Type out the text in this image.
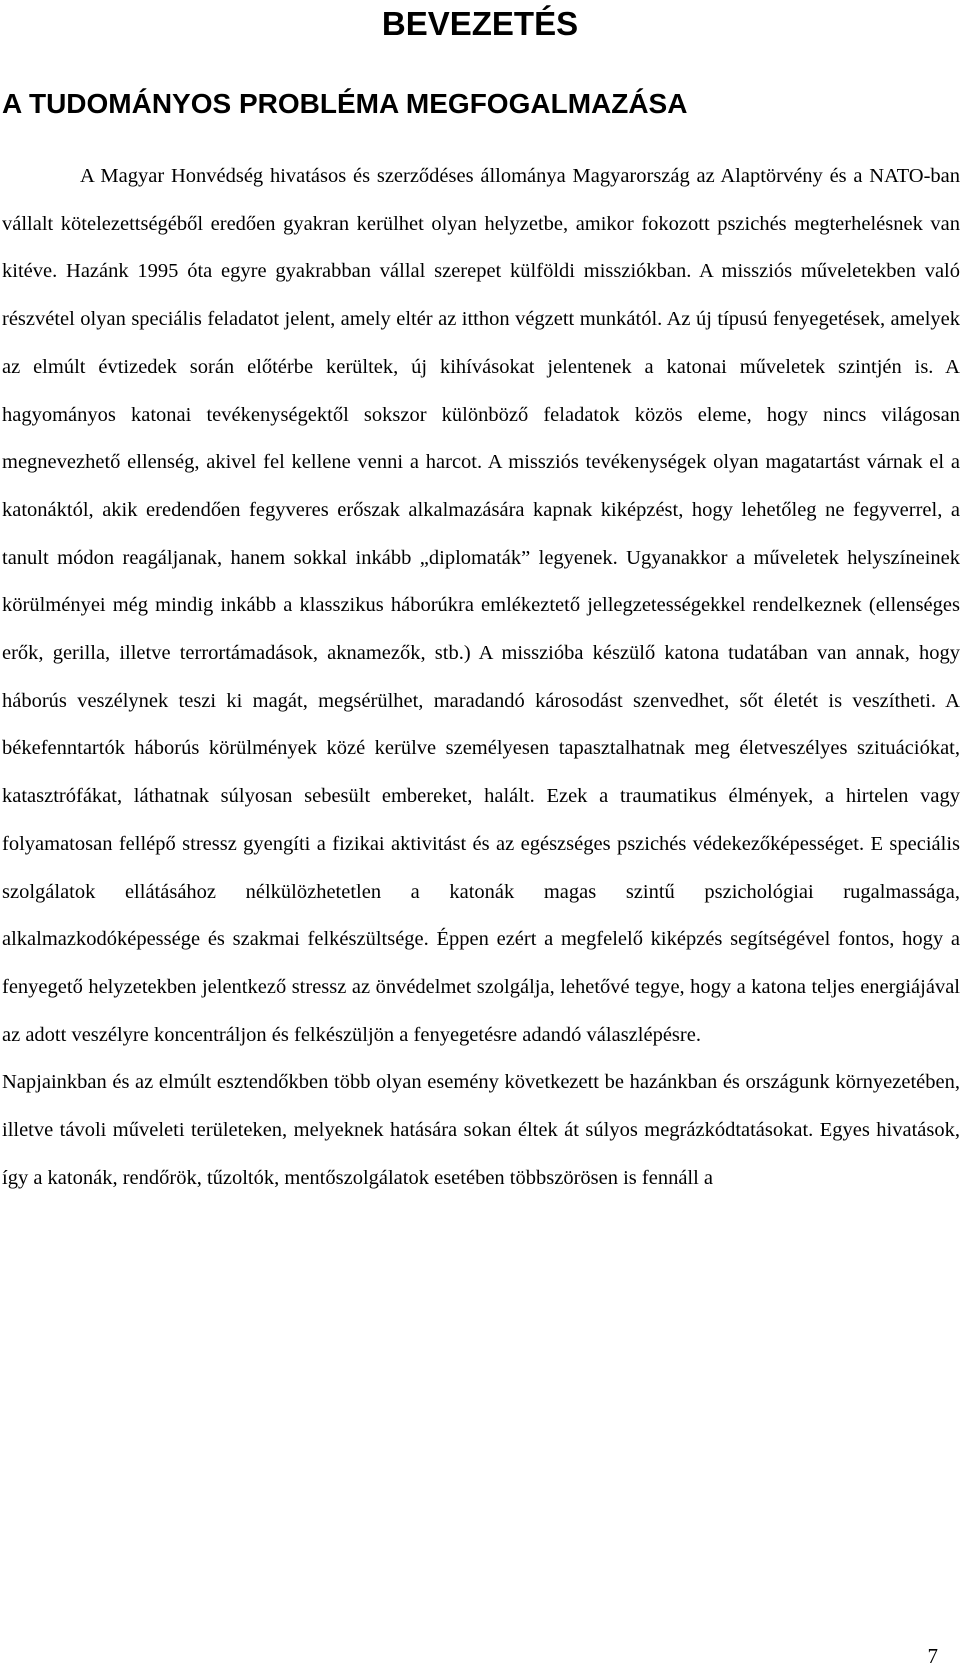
BEVEZETÉS
A TUDOMÁNYOS PROBLÉMA MEGFOGALMAZÁSA

A Magyar Honvédség hivatásos és szerződéses állománya Magyarország az Alaptörvény és a NATO-ban vállalt kötelezettségéből eredően gyakran kerülhet olyan helyzetbe, amikor fokozott pszichés megterhelésnek van kitéve. Hazánk 1995 óta egyre gyakrabban vállal szerepet külföldi missziókban. A missziós műveletekben való részvétel olyan speciális feladatot jelent, amely eltér az itthon végzett munkától. Az új típusú fenyegetések, amelyek az elmúlt évtizedek során előtérbe kerültek, új kihívásokat jelentenek a katonai műveletek szintjén is. A hagyományos katonai tevékenységektől sokszor különböző feladatok közös eleme, hogy nincs világosan megnevezhető ellenség, akivel fel kellene venni a harcot. A missziós tevékenységek olyan magatartást várnak el a katonáktól, akik eredendően fegyveres erőszak alkalmazására kapnak kiképzést, hogy lehetőleg ne fegyverrel, a tanult módon reagáljanak, hanem sokkal inkább „diplomaták” legyenek. Ugyanakkor a műveletek helyszíneinek körülményei még mindig inkább a klasszikus háborúkra emlékeztető jellegzetességekkel rendelkeznek (ellenséges erők, gerilla, illetve terrortámadások, aknamezők, stb.) A misszióba készülő katona tudatában van annak, hogy háborús veszélynek teszi ki magát, megsérülhet, maradandó károsodást szenvedhet, sőt életét is veszítheti. A békefenntartók háborús körülmények közé kerülve személyesen tapasztalhatnak meg életveszélyes szituációkat, katasztrófákat, láthatnak súlyosan sebesült embereket, halált. Ezek a traumatikus élmények, a hirtelen vagy folyamatosan fellépő stressz gyengíti a fizikai aktivitást és az egészséges pszichés védekezőképességet. E speciális szolgálatok ellátásához nélkülözhetetlen a katonák magas szintű pszichológiai rugalmassága, alkalmazkodóképessége és szakmai felkészültsége. Éppen ezért a megfelelő kiképzés segítségével fontos, hogy a fenyegető helyzetekben jelentkező stressz az önvédelmet szolgálja, lehetővé tegye, hogy a katona teljes energiájával az adott veszélyre koncentráljon és felkészüljön a fenyegetésre adandó válaszlépésre.

Napjainkban és az elmúlt esztendőkben több olyan esemény következett be hazánkban és országunk környezetében, illetve távoli műveleti területeken, melyeknek hatására sokan éltek át súlyos megrázkódtatásokat. Egyes hivatások, így a katonák, rendőrök, tűzoltók, mentőszolgálatok esetében többszörösen is fennáll a

7
